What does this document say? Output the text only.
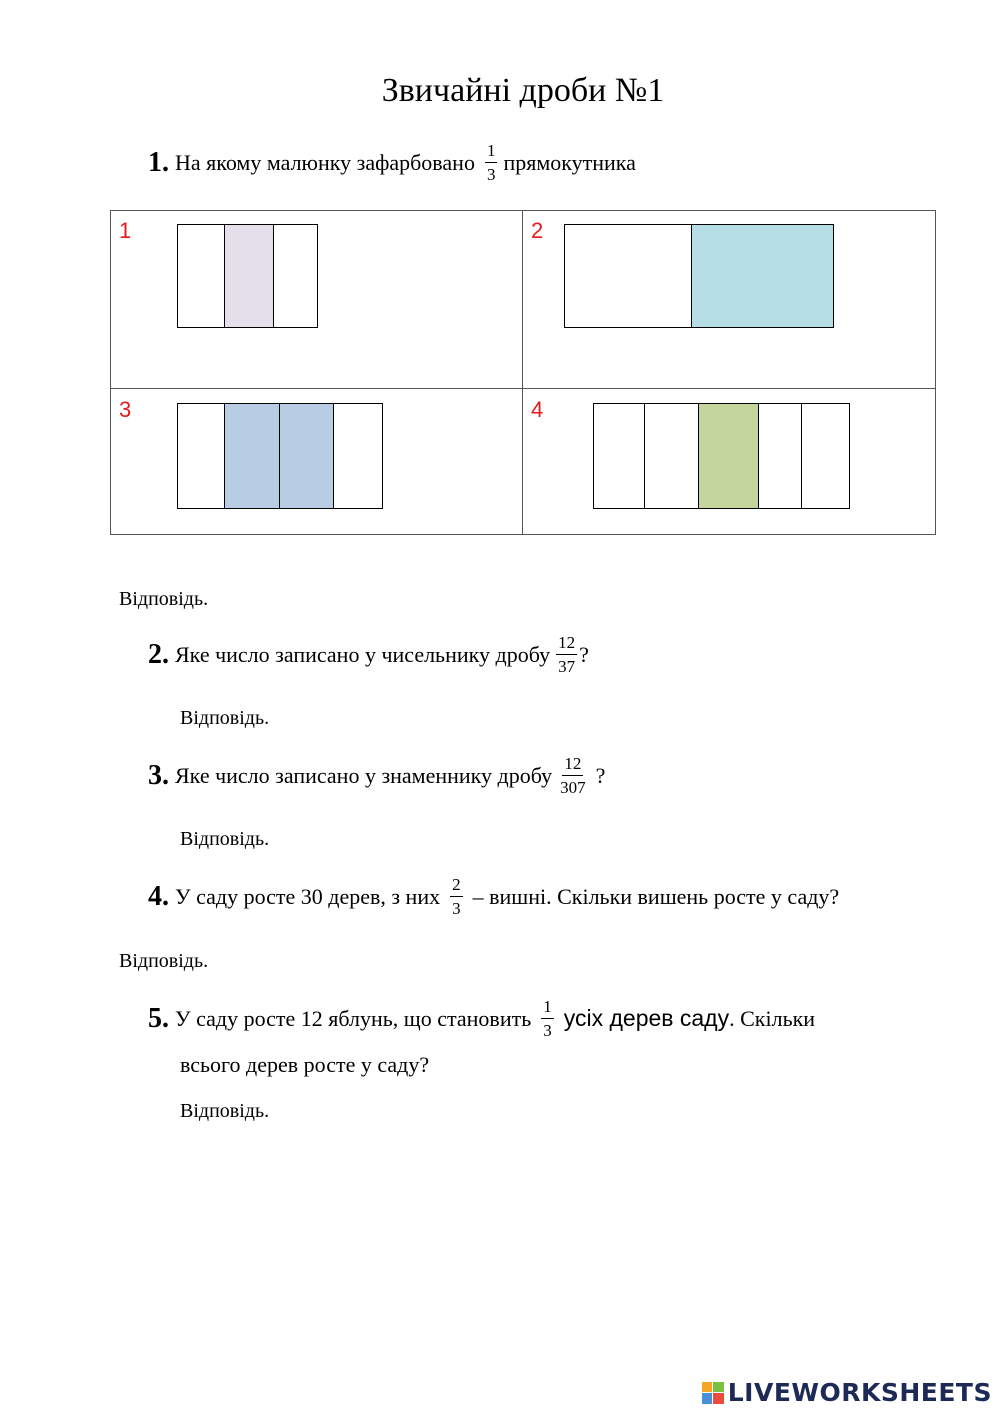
Звичайні дроби №1
1. На якому малюнку зафарбовано $\frac{1}{3}$ прямокутника
1	2
3	4
Відповідь.
2. Яке число записано у чисельнику дробу $\frac{12}{37}$ ?
Відповідь.
3. Яке число записано у знаменнику дробу $\frac{12}{307}$ ?
Відповідь.
4. У саду росте 30 дерев, з них $\frac{2}{3}$ – вишні. Скільки вишень росте у саду?
Відповідь.
5. У саду росте 12 яблунь, що становить $\frac{1}{3}$ усіх дерев саду . Скільки
всього дерев росте у саду?
Відповідь.
LIVEWORKSHEETS
